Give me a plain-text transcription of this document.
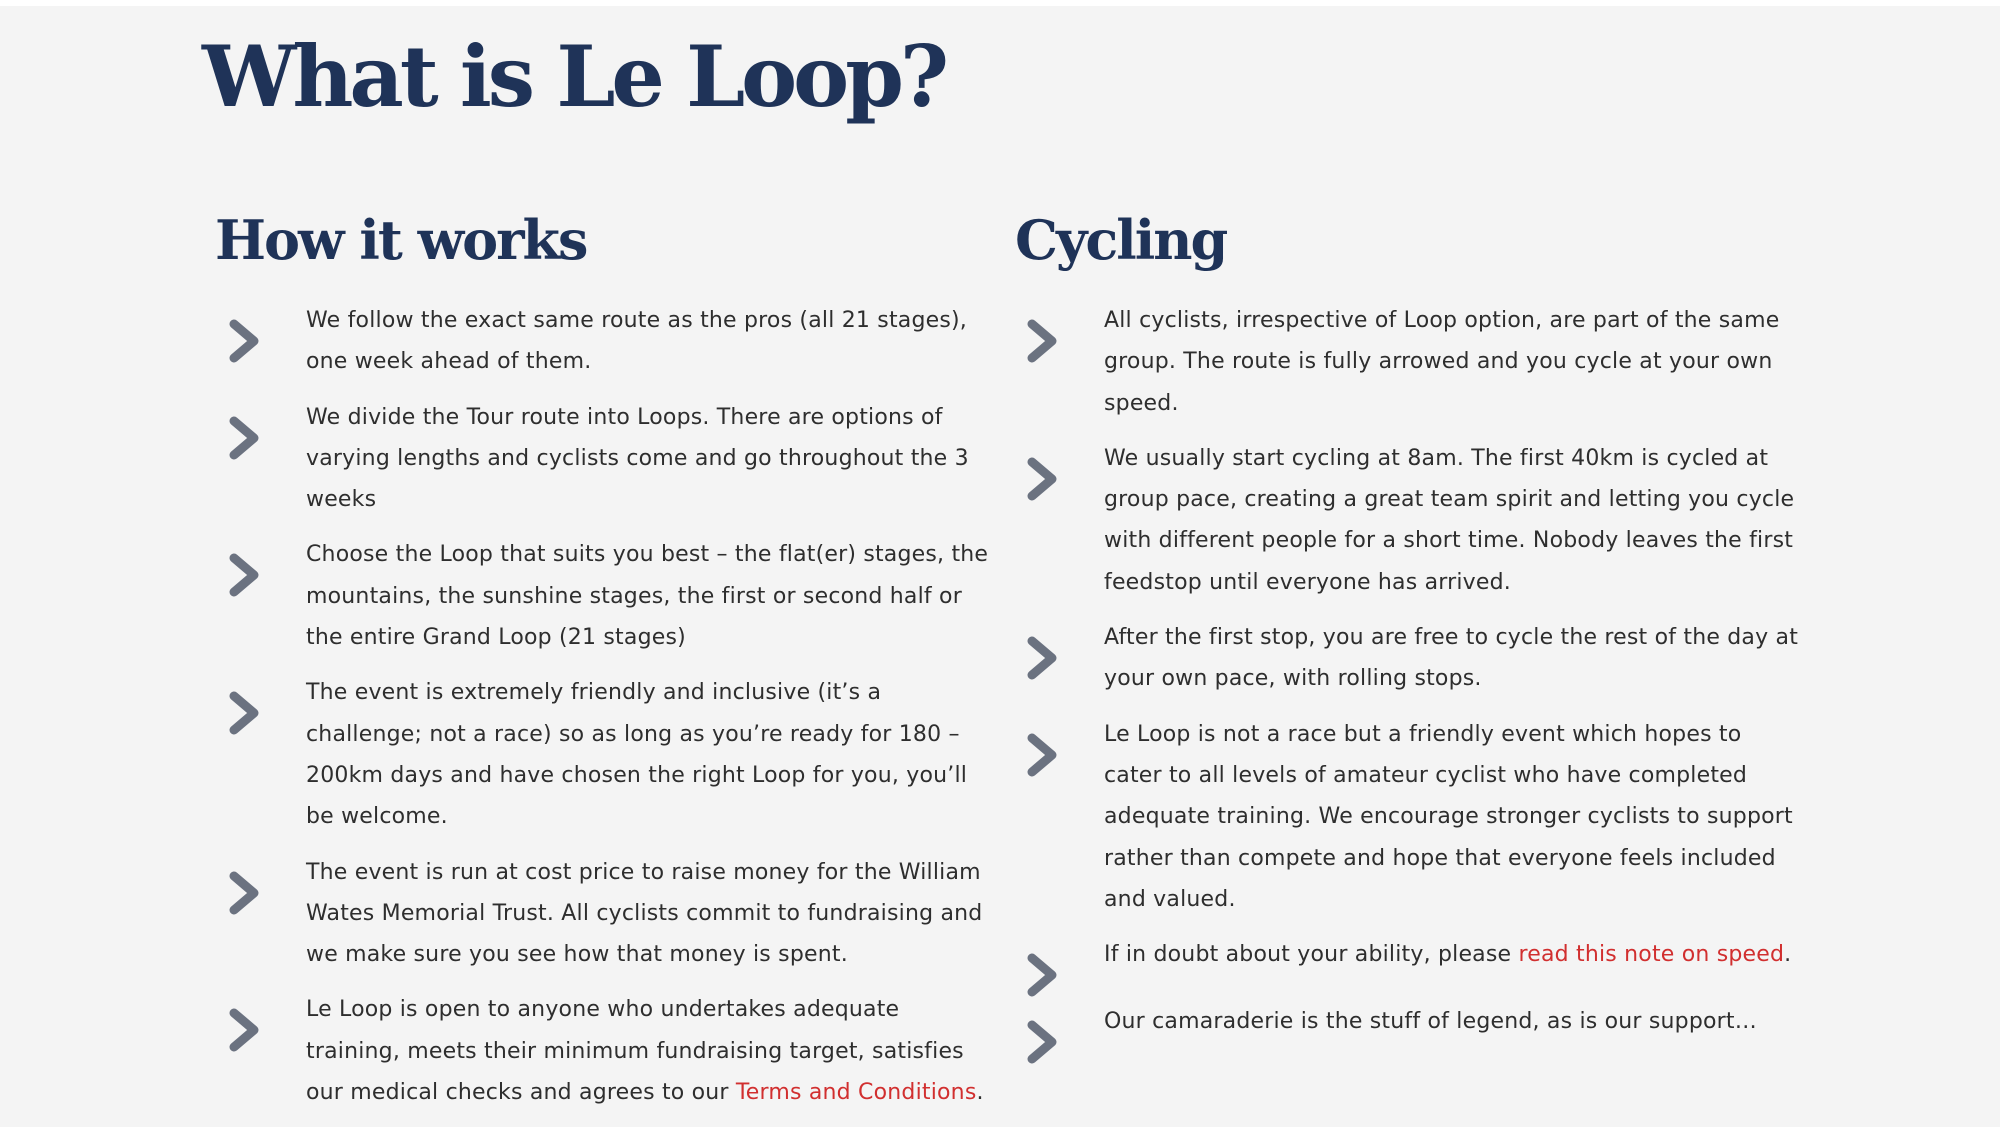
What is Le Loop?
How it works
We follow the exact same route as the pros (all 21 stages), one week ahead of them.
We divide the Tour route into Loops. There are options of varying lengths and cyclists come and go throughout the 3 weeks
Choose the Loop that suits you best – the flat(er) stages, the mountains, the sunshine stages, the first or second half or the entire Grand Loop (21 stages)
The event is extremely friendly and inclusive (it’s a challenge; not a race) so as long as you’re ready for 180 – 200km days and have chosen the right Loop for you, you’ll be welcome.
The event is run at cost price to raise money for the William Wates Memorial Trust. All cyclists commit to fundraising and we make sure you see how that money is spent.
Le Loop is open to anyone who undertakes adequate training, meets their minimum fundraising target, satisfies our medical checks and agrees to our Terms and Conditions.
Cycling
All cyclists, irrespective of Loop option, are part of the same group. The route is fully arrowed and you cycle at your own speed.
We usually start cycling at 8am. The first 40km is cycled at group pace, creating a great team spirit and letting you cycle with different people for a short time. Nobody leaves the first feedstop until everyone has arrived.
After the first stop, you are free to cycle the rest of the day at your own pace, with rolling stops.
Le Loop is not a race but a friendly event which hopes to cater to all levels of amateur cyclist who have completed adequate training. We encourage stronger cyclists to support rather than compete and hope that everyone feels included and valued.
If in doubt about your ability, please read this note on speed.
Our camaraderie is the stuff of legend, as is our support…
